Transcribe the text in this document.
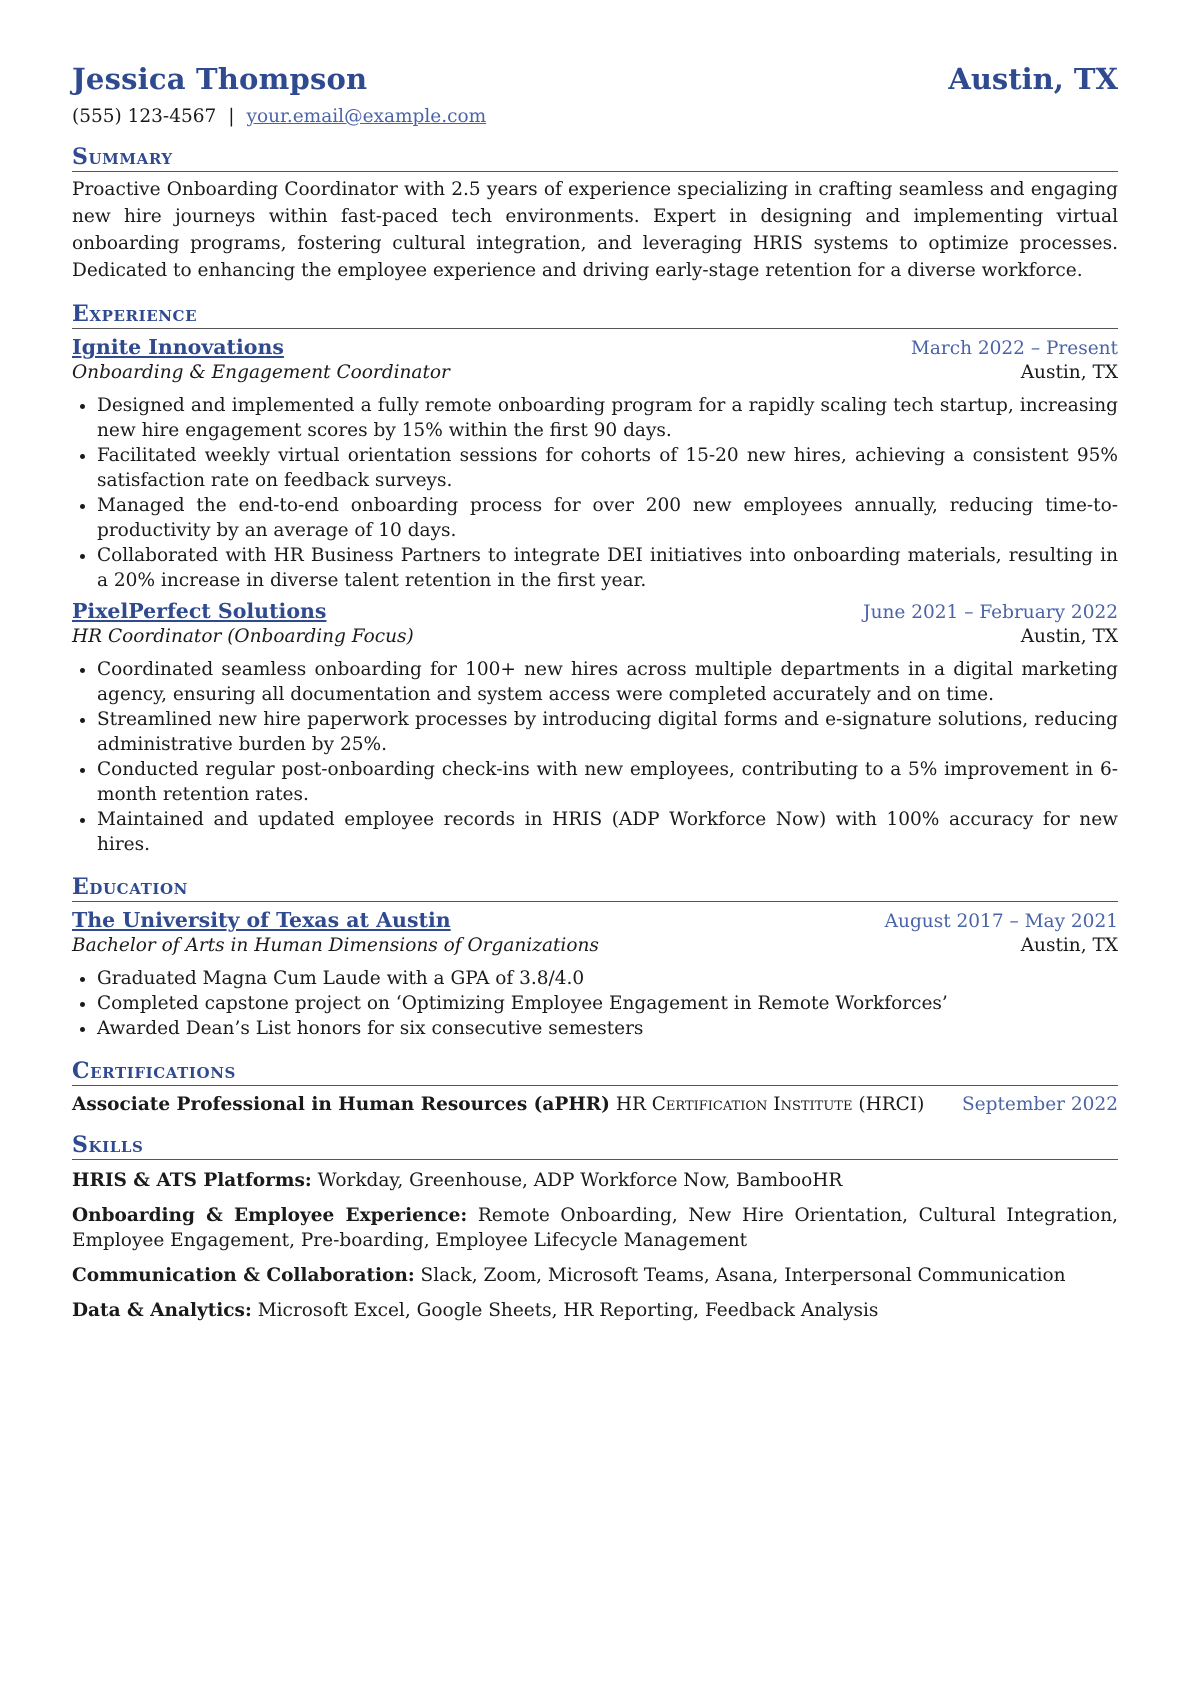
Jessica Thompson	Austin, TX
(555) 123-4567 | your.email@example.com
Summary
Proactive Onboarding Coordinator with 2.5 years of experience specializing in crafting seamless and engaging new hire journeys within fast-paced tech environments. Expert in designing and implementing virtual onboarding programs, fostering cultural integration, and leveraging HRIS systems to optimize processes. Dedicated to enhancing the employee experience and driving early-stage retention for a diverse workforce.
Experience
Ignite Innovations	March 2022 – Present
Onboarding & Engagement Coordinator	Austin, TX
• Designed and implemented a fully remote onboarding program for a rapidly scaling tech startup, increasing new hire engagement scores by 15% within the first 90 days.
• Facilitated weekly virtual orientation sessions for cohorts of 15-20 new hires, achieving a consistent 95% satisfaction rate on feedback surveys.
• Managed the end-to-end onboarding process for over 200 new employees annually, reducing time-to-productivity by an average of 10 days.
• Collaborated with HR Business Partners to integrate DEI initiatives into onboarding materials, resulting in a 20% increase in diverse talent retention in the first year.
PixelPerfect Solutions	June 2021 – February 2022
HR Coordinator (Onboarding Focus)	Austin, TX
• Coordinated seamless onboarding for 100+ new hires across multiple departments in a digital marketing agency, ensuring all documentation and system access were completed accurately and on time.
• Streamlined new hire paperwork processes by introducing digital forms and e-signature solutions, reducing administrative burden by 25%.
• Conducted regular post-onboarding check-ins with new employees, contributing to a 5% improvement in 6-month retention rates.
• Maintained and updated employee records in HRIS (ADP Workforce Now) with 100% accuracy for new hires.
Education
The University of Texas at Austin	August 2017 – May 2021
Bachelor of Arts in Human Dimensions of Organizations	Austin, TX
• Graduated Magna Cum Laude with a GPA of 3.8/4.0
• Completed capstone project on ‘Optimizing Employee Engagement in Remote Workforces’
• Awarded Dean’s List honors for six consecutive semesters
Certifications
Associate Professional in Human Resources (aPHR) HR Certification Institute (HRCI) September 2022
Skills
HRIS & ATS Platforms: Workday, Greenhouse, ADP Workforce Now, BambooHR
Onboarding & Employee Experience: Remote Onboarding, New Hire Orientation, Cultural Integration, Employee Engagement, Pre-boarding, Employee Lifecycle Management
Communication & Collaboration: Slack, Zoom, Microsoft Teams, Asana, Interpersonal Communication
Data & Analytics: Microsoft Excel, Google Sheets, HR Reporting, Feedback Analysis
